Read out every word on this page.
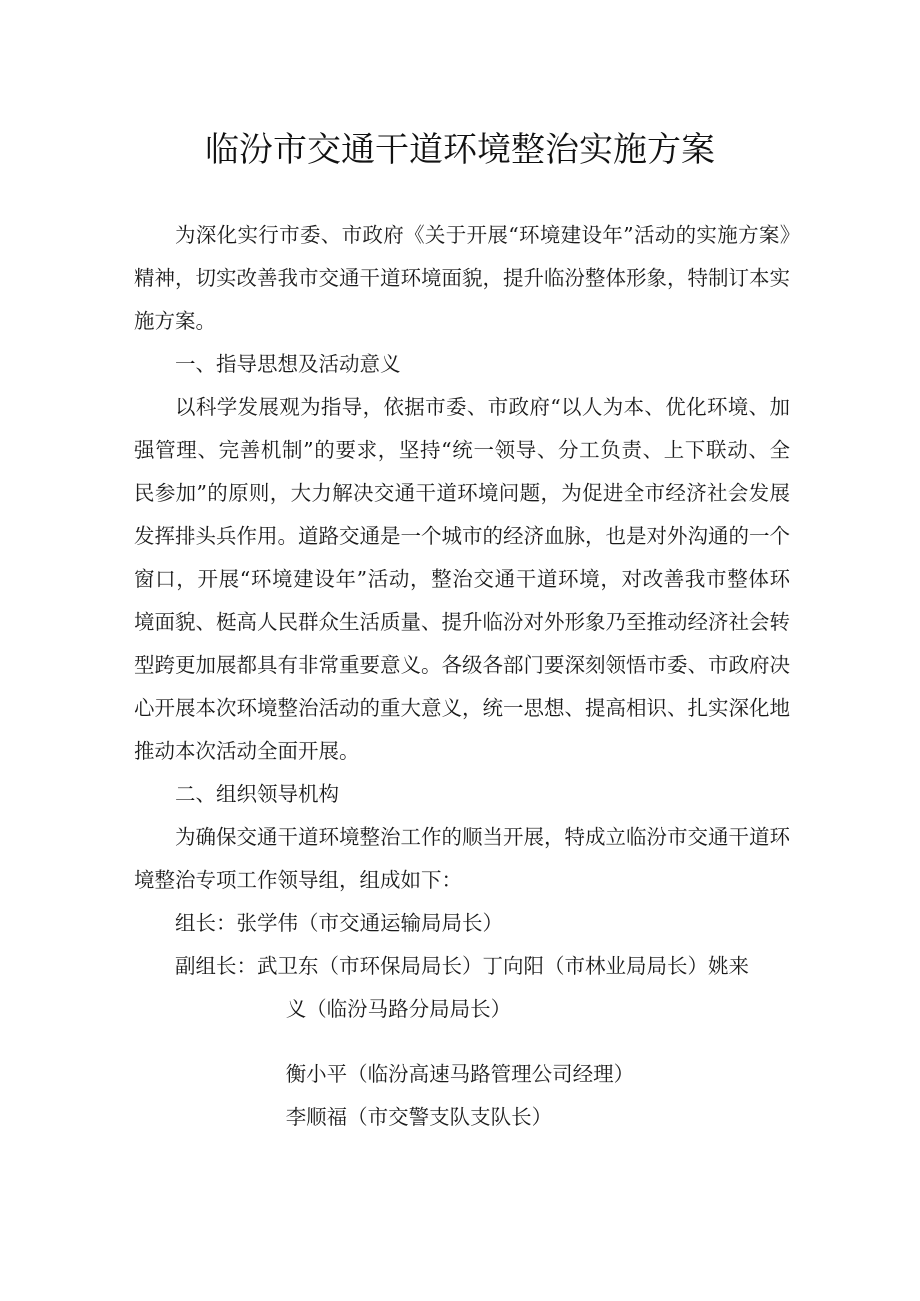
临汾市交通干道环境整治实施方案

为深化实行市委、市政府《关于开展“环境建设年”活动的实施方案》精神，切实改善我市交通干道环境面貌，提升临汾整体形象，特制订本实施方案。

一、指导思想及活动意义

以科学发展观为指导，依据市委、市政府“以人为本、优化环境、加强管理、完善机制”的要求，坚持“统一领导、分工负责、上下联动、全民参加”的原则，大力解决交通干道环境问题，为促进全市经济社会发展发挥排头兵作用。道路交通是一个城市的经济血脉，也是对外沟通的一个窗口，开展“环境建设年”活动，整治交通干道环境，对改善我市整体环境面貌、梃高人民群众生活质量、提升临汾对外形象乃至推动经济社会转型跨更加展都具有非常重要意义。各级各部门要深刻领悟市委、市政府决心开展本次环境整治活动的重大意义，统一思想、提高相识、扎实深化地推动本次活动全面开展。

二、组织领导机构

为确保交通干道环境整治工作的顺当开展，特成立临汾市交通干道环境整治专项工作领导组，组成如下：

组长：张学伟（市交通运输局局长）

副组长：武卫东（市环保局局长）丁向阳（市林业局局长）姚来

义（临汾马路分局局长）

衡小平（临汾高速马路管理公司经理）

李顺福（市交警支队支队长）
